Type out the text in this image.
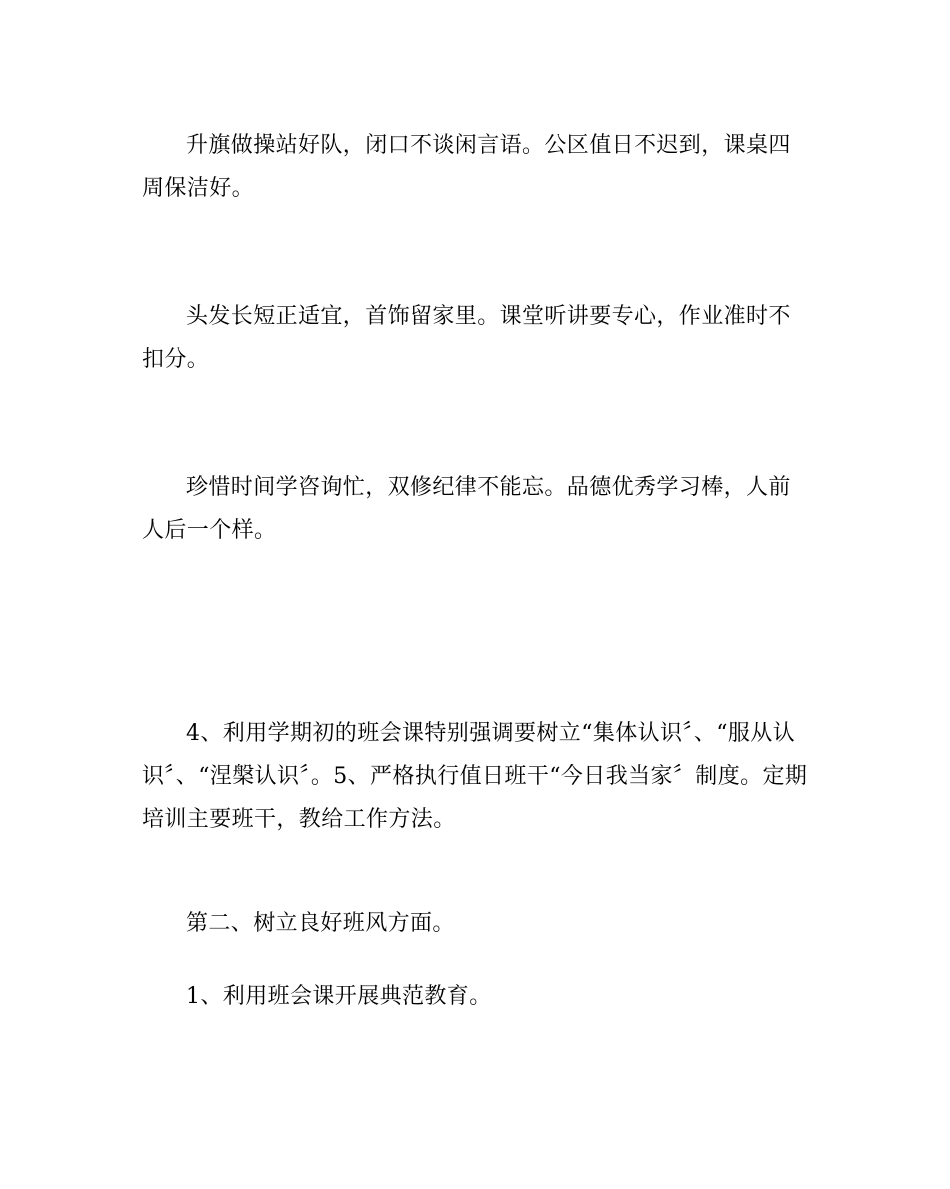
升旗做操站好队，闭口不谈闲言语。公区值日不迟到，课桌四周保洁好。

头发长短正适宜，首饰留家里。课堂听讲要专心，作业准时不扣分。

珍惜时间学咨询忙，双修纪律不能忘。品德优秀学习棒，人前人后一个样。

4、利用学期初的班会课特别强调要树立“集体认识〞、“服从认识〞、“涅槃认识〞。5、严格执行值日班干“今日我当家〞制度。定期培训主要班干，教给工作方法。

第二、树立良好班风方面。

1、利用班会课开展典范教育。
